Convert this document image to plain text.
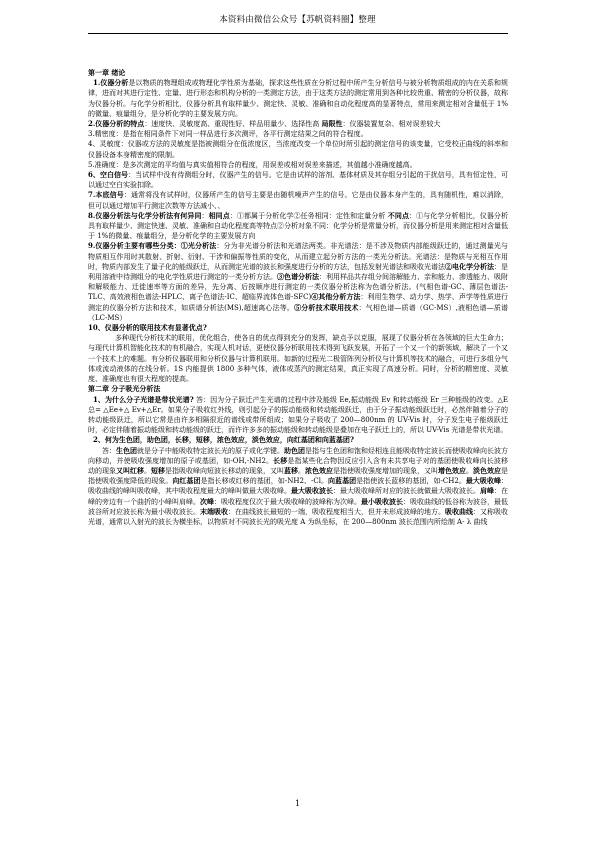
本资料由微信公众号【苏帆资料圈】整理

第一章 绪论

1.仪器分析是以物质的物理组成或物理化学性质为基础，探求这些性质在分析过程中所产生分析信号与被分析物质组成的内在关系和规律，进而对其进行定性、定量、进行形态和机构分析的一类测定方法，由于这类方法的测定常用到各种比较贵重、精密的分析仪器，故称为仪器分析。与化学分析相比，仪器分析具有取样量少、测定快、灵敏、准确和自动化程度高的显著特点，常用来测定相对含量低于 1%的微量、痕量组分，是分析化学的主要发展方向。

2.仪器分析的特点：速度快、灵敏度高、重现性好、样品用量少、选择性高 局限性：仪器装置复杂、相对误差较大

3.精密度：是指在相同条件下对同一样品进行多次测评，各平行测定结果之间的符合程度。

4、灵敏度：仪器或方法的灵敏度是指被测组分在低浓度区，当浓度改变一个单位时所引起的测定信号的该变量，它受校正曲线的斜率和仪器设备本身精密度的限制。

5.准确度：是多次测定的平均值与真实值相符合的程度，用误差或相对误差来描述，其值越小准确度越高。

6、空白信号：当试样中没有待测组分时，仪器产生的信号。它是由试样的溶剂、基体材质及其存组分引起的干扰信号，具有恒定性，可以通过空白实验扣除。

7.本底信号：通常将没有试样时，仪器所产生的信号主要是由随机噪声产生的信号。它是由仪器本身产生的，具有随机性，难以消除，但可以通过增加平行测定次数等方法减小、、

8.仪器分析法与化学分析法有何异同：相同点：①都属于分析化学②任务相同：定性和定量分析 不同点：①与化学分析相比，仪器分析具有取样量少、测定快速、灵敏、准确和自动化程度高等特点②分析对象不同：化学分析是常量分析，而仪器分析是用来测定相对含量低于 1%的微量、痕量组分，是分析化学的主要发展方向

9.仪器分析主要有哪些分类：①光分析法：分为非光谱分析法和光谱法两类。非光谱法：是不涉及物质内部能级跃迁的，通过测量光与物质相互作用时其散射、折射、衍射、干涉和偏振等性质的变化，从而建立起分析方法的一类光分析法。光谱法：是物质与光相互作用时，物质内部发生了量子化的能级跃迁，从而测定光谱的波长和强度进行分析的方法，包括发射光谱法和吸收光谱法②电化学分析法：是利用溶液中待测组分的电化学性质进行测定的一类分析方法。③色谱分析法：利用样品共存组分间溶解能力、亲和能力、渗透能力、吸附和解吸能力、迁徙速率等方面的差异，先分离、后按顺序进行测定的一类仪器分析法称为色谱分析法。(气相色谱-GC、薄层色谱法-TLC、高效液相色谱法-HPLC、离子色谱法-IC、超临界流体色谱-SFC)④其他分析方法：利用生物学、动力学、热学、声学等性质进行测定的仪器分析方法和技术，如质谱分析法(MS),超速离心法等。⑤分析技术联用技术：气相色谱—质谱（GC-MS）,液相色谱—质谱（LC-MS）

10、仪器分析的联用技术有显著优点?

多种现代分析技术的联用，优化组合，使各自的优点得到充分的发挥，缺点予以克服，展现了仪器分析在各领域的巨大生命力；与现代计算机智能化技术的有机融合，实现人机对话，更使仪器分析联用技术得到飞跃发展，开拓了一个又一个的新领域，解决了一个又一个技术上的难题。有分析仪器联用和分析仪器与计算机联用。如新的过程光二极管阵列分析仪与计算机等技术的融合，可进行多组分气体或流动液体的在线分析。1S 内能提供 1800 多种气体，液体或蒸汽的测定结果，真正实现了高速分析。同时，分析的精密度、灵敏度、准确度也有很大程度的提高。

第二章 分子吸光分析法

1、为什么分子光谱是带状光谱? 答：因为分子跃迁产生光谱的过程中涉及能级 Ee,振动能级 Ev 和转动能级 Er 三种能级的改变。△E 总= △Ee+△ Ev+△Er。如果分子吸收红外线，则引起分子的振动能级和转动能级跃迁，由于分子振动能级跃迁时，必然伴随着分子的转动能级跃迁，所以它常是由许多相隔很近的谱线或带所组成；如果分子吸收了 200—800nm 的 UV-Vis 时，分子发生电子能级跃迁时，必定伴随着振动能级和转动能级的跃迁，而许许多多的振动能级和转动能级是叠加在电子跃迁上的，所以 UV-Vis 光谱是带状光谱。

2、何为生色团，助色团，长移，短移，浓色效应，淡色效应，向红基团和向蓝基团?

答：生色团就是分子中能吸收特定波长光的原子或化学键。助色团是指与生色团和饱和烃相连且能吸收特定波长而使吸收峰向长波方向移动，并使吸收强度增加的原子或基团，如-OH,-NH2。长移是指某些化合物因反应引入含有未共享电子对的基团使吸收峰向长波移动的现象又叫红移。短移是指吸收峰向短波长移动的现象，又叫蓝移。浓色效应是指使吸收强度增加的现象，又叫增色效应。淡色效应是指使吸收强度降低的现象。向红基团是指长移或红移的基团，如-NH2、-Cl。向蓝基团是指使波长蓝移的基团，如-CH2。最大吸收峰：吸收曲线的峰叫吸收峰，其中吸收程度最大的峰叫做最大吸收峰。最大吸收波长：最大吸收峰所对应的波长就做最大吸收波长。肩峰：在峰的旁边有一个曲折的小峰叫肩峰。次峰：吸收程度仅次于最大吸收峰的波峰称为次峰。最小吸收波长：吸收曲线的低谷称为波谷，最低波谷所对应波长称为最小吸收波长。末端吸收：在曲线波长最短的一端，吸收程度相当大，但并未形成波峰的地方。吸收曲线：又称吸收光谱，通常以入射光的波长为横坐标，以物质对不同波长光的吸光度 A 为纵坐标，在 200—800nm 波长范围内所绘制 A- λ 曲线

1
